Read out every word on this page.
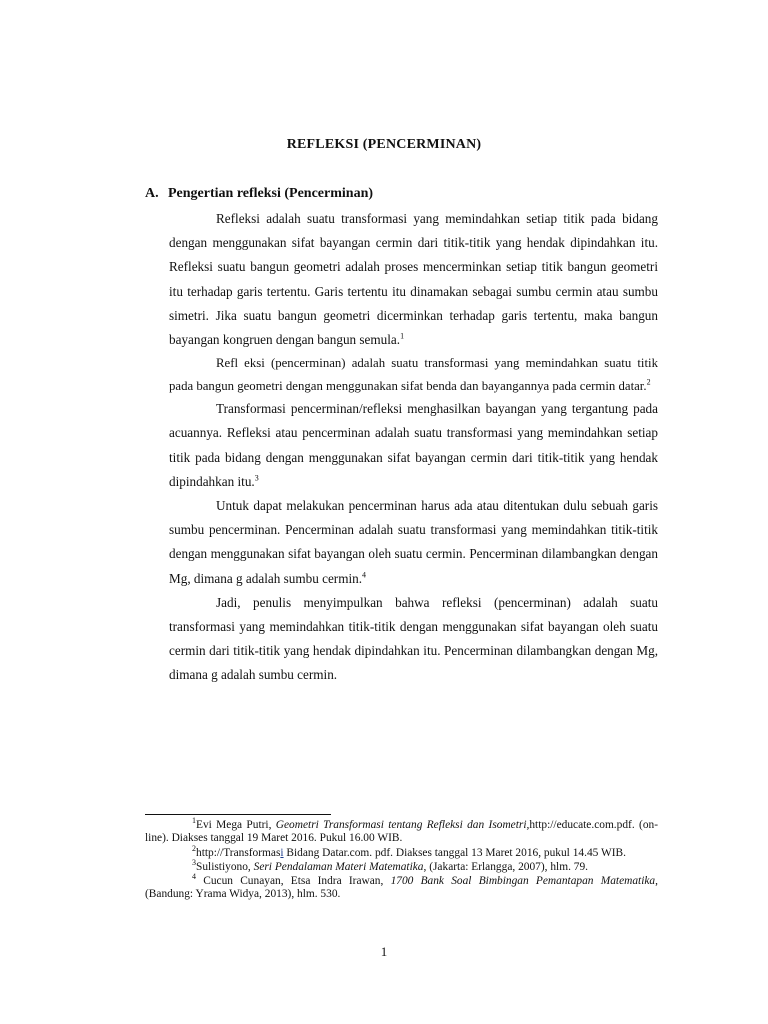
REFLEKSI (PENCERMINAN)
A. Pengertian refleksi (Pencerminan)

Refleksi adalah suatu transformasi yang memindahkan setiap titik pada bidang dengan menggunakan sifat bayangan cermin dari titik-titik yang hendak dipindahkan itu. Refleksi suatu bangun geometri adalah proses mencerminkan setiap titik bangun geometri itu terhadap garis tertentu. Garis tertentu itu dinamakan sebagai sumbu cermin atau sumbu simetri. Jika suatu bangun geometri dicerminkan terhadap garis tertentu, maka bangun bayangan kongruen dengan bangun semula.$^1$

Refl eksi (pencerminan) adalah suatu transformasi yang memindahkan suatu titik pada bangun geometri dengan menggunakan sifat benda dan bayangannya pada cermin datar.$^2$

Transformasi pencerminan/refleksi menghasilkan bayangan yang tergantung pada acuannya. Refleksi atau pencerminan adalah suatu transformasi yang memindahkan setiap titik pada bidang dengan menggunakan sifat bayangan cermin dari titik-titik yang hendak dipindahkan itu.$^3$

Untuk dapat melakukan pencerminan harus ada atau ditentukan dulu sebuah garis sumbu pencerminan. Pencerminan adalah suatu transformasi yang memindahkan titik-titik dengan menggunakan sifat bayangan oleh suatu cermin. Pencerminan dilambangkan dengan Mg, dimana g adalah sumbu cermin.$^4$

Jadi, penulis menyimpulkan bahwa refleksi (pencerminan) adalah suatu transformasi yang memindahkan titik-titik dengan menggunakan sifat bayangan oleh suatu cermin dari titik-titik yang hendak dipindahkan itu. Pencerminan dilambangkan dengan Mg, dimana g adalah sumbu cermin.

$^1$Evi Mega Putri, Geometri Transformasi tentang Refleksi dan Isometri,http://educate.com.pdf. (on-line). Diakses tanggal 19 Maret 2016. Pukul 16.00 WIB.

$^2$http://Transformasi Bidang Datar.com. pdf. Diakses tanggal 13 Maret 2016, pukul 14.45 WIB.

$^3$Sulistiyono, Seri Pendalaman Materi Matematika, (Jakarta: Erlangga, 2007), hlm. 79.

$^4$ Cucun Cunayan, Etsa Indra Irawan, 1700 Bank Soal Bimbingan Pemantapan Matematika, (Bandung: Yrama Widya, 2013), hlm. 530.

1
